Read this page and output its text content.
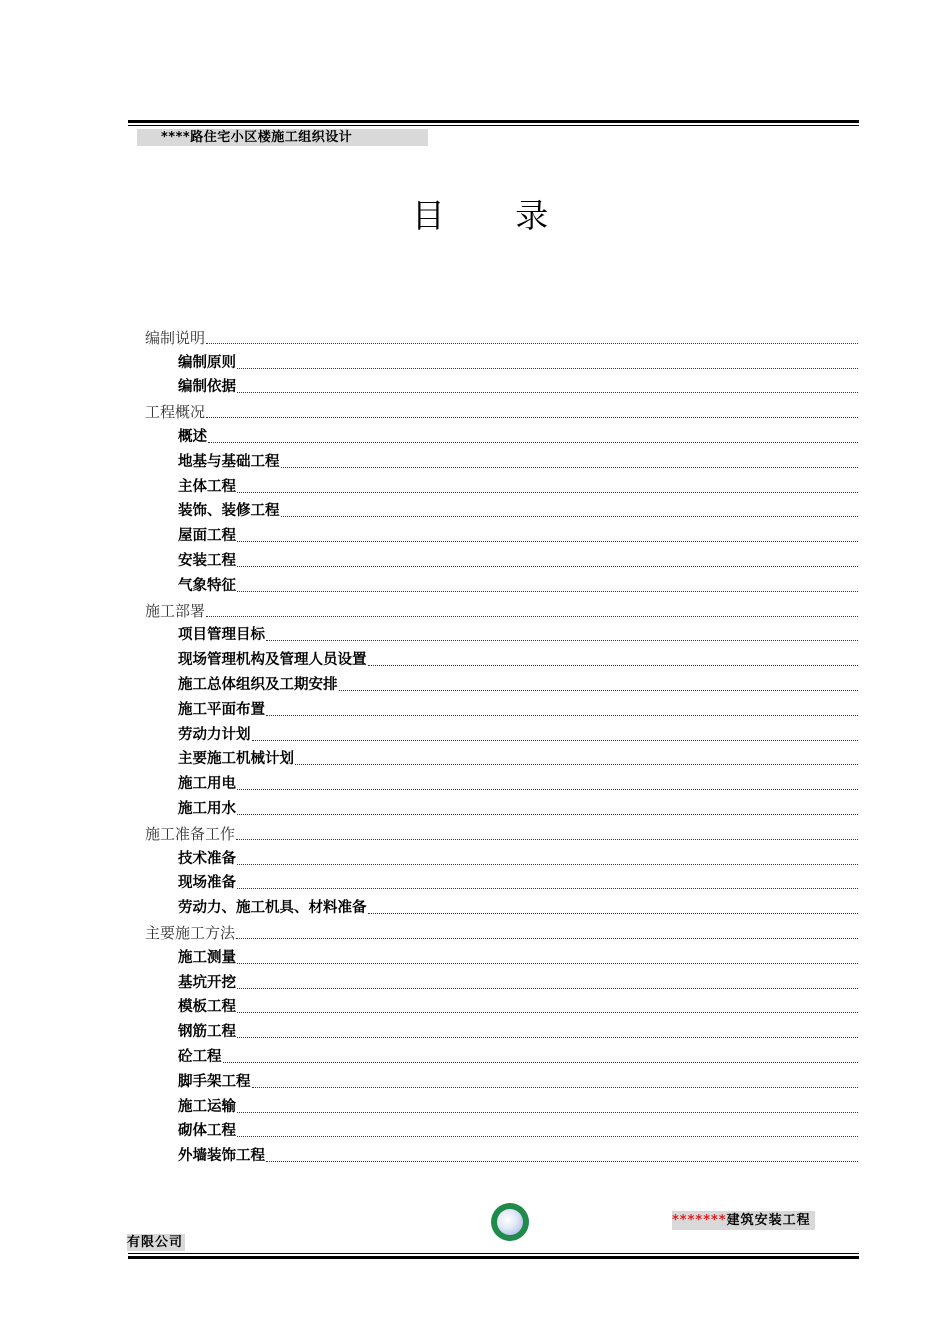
****路住宅小区楼施工组织设计
目 录
编制说明
编制原则
编制依据
工程概况
概述
地基与基础工程
主体工程
装饰、装修工程
屋面工程
安装工程
气象特征
施工部署
项目管理目标
现场管理机构及管理人员设置
施工总体组织及工期安排
施工平面布置
劳动力计划
主要施工机械计划
施工用电
施工用水
施工准备工作
技术准备
现场准备
劳动力、施工机具、材料准备
主要施工方法
施工测量
基坑开挖
模板工程
钢筋工程
砼工程
脚手架工程
施工运输
砌体工程
外墙装饰工程
*******建筑安装工程
有限公司
